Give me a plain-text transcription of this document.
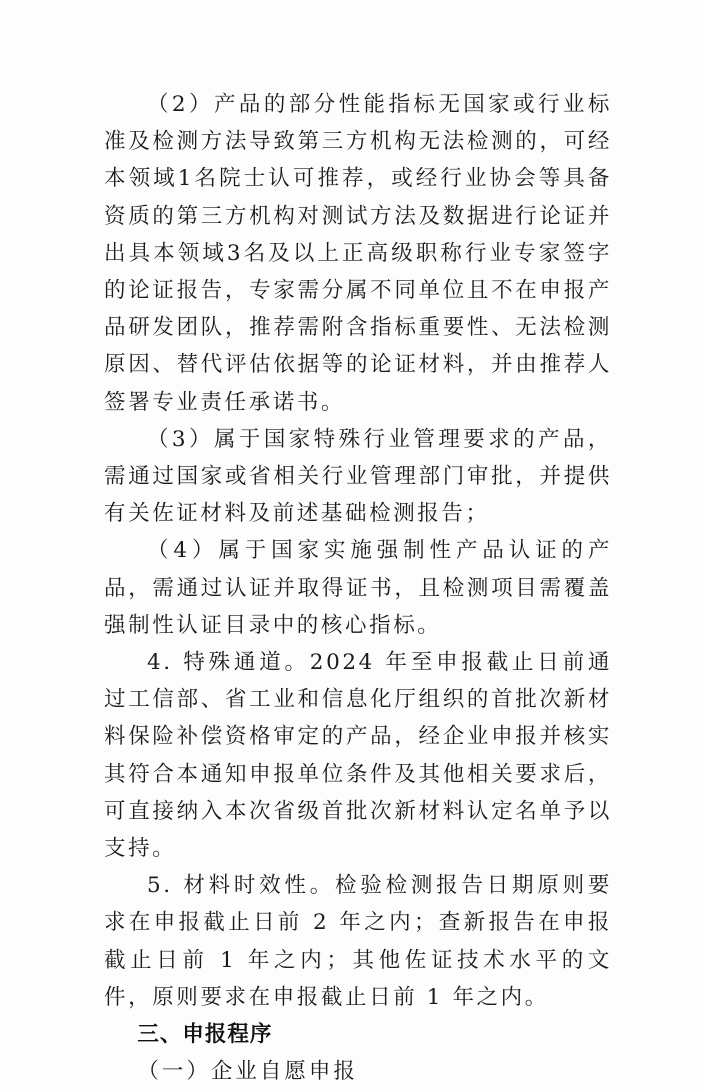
（2）产品的部分性能指标无国家或行业标准及检测方法导致第三方机构无法检测的，可经本领域1名院士认可推荐，或经行业协会等具备资质的第三方机构对测试方法及数据进行论证并出具本领域3名及以上正高级职称行业专家签字的论证报告，专家需分属不同单位且不在申报产品研发团队，推荐需附含指标重要性、无法检测原因、替代评估依据等的论证材料，并由推荐人签署专业责任承诺书。

（3）属于国家特殊行业管理要求的产品，需通过国家或省相关行业管理部门审批，并提供有关佐证材料及前述基础检测报告；

（4）属于国家实施强制性产品认证的产品，需通过认证并取得证书，且检测项目需覆盖强制性认证目录中的核心指标。

4. 特殊通道。2024 年至申报截止日前通过工信部、省工业和信息化厅组织的首批次新材料保险补偿资格审定的产品，经企业申报并核实其符合本通知申报单位条件及其他相关要求后，可直接纳入本次省级首批次新材料认定名单予以支持。

5. 材料时效性。检验检测报告日期原则要求在申报截止日前 2 年之内；查新报告在申报截止日前 1 年之内；其他佐证技术水平的文件，原则要求在申报截止日前 1 年之内。

三、申报程序

（一）企业自愿申报
